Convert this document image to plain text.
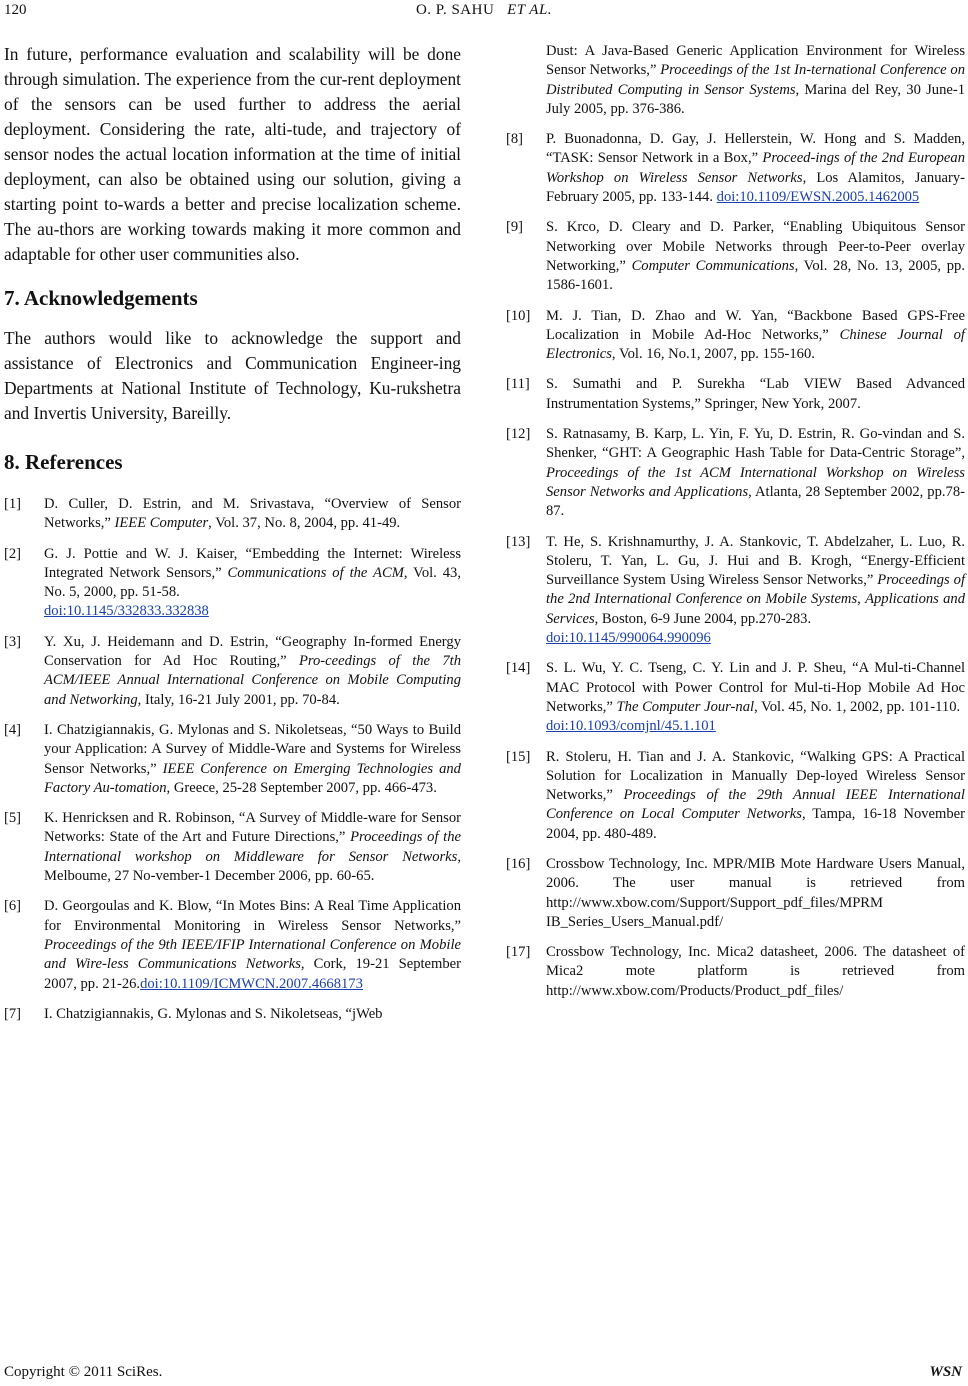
120	O. P. SAHU ET AL.

In future, performance evaluation and scalability will be done through simulation. The experience from the cur-rent deployment of the sensors can be used further to address the aerial deployment. Considering the rate, alti-tude, and trajectory of sensor nodes the actual location information at the time of initial deployment, can also be obtained using our solution, giving a starting point to-wards a better and precise localization scheme. The au-thors are working towards making it more common and adaptable for other user communities also.

7. Acknowledgements

The authors would like to acknowledge the support and assistance of Electronics and Communication Engineer-ing Departments at National Institute of Technology, Ku-rukshetra and Invertis University, Bareilly.

8. References
[1]	D. Culler, D. Estrin, and M. Srivastava, “Overview of Sensor Networks,” IEEE Computer, Vol. 37, No. 8, 2004, pp. 41-49.
[2]	G. J. Pottie and W. J. Kaiser, “Embedding the Internet: Wireless Integrated Network Sensors,” Communications of the ACM, Vol. 43, No. 5, 2000, pp. 51-58.
doi:10.1145/332833.332838
[3]	Y. Xu, J. Heidemann and D. Estrin, “Geography In-formed Energy Conservation for Ad Hoc Routing,” Pro-ceedings of the 7th ACM/IEEE Annual International Conference on Mobile Computing and Networking, Italy, 16-21 July 2001, pp. 70-84.
[4]	I. Chatzigiannakis, G. Mylonas and S. Nikoletseas, “50 Ways to Build your Application: A Survey of Middle-Ware and Systems for Wireless Sensor Networks,” IEEE Conference on Emerging Technologies and Factory Au-tomation, Greece, 25-28 September 2007, pp. 466-473.
[5]	K. Henricksen and R. Robinson, “A Survey of Middle-ware for Sensor Networks: State of the Art and Future Directions,” Proceedings of the International workshop on Middleware for Sensor Networks, Melboume, 27 No-vember-1 December 2006, pp. 60-65.
[6]	D. Georgoulas and K. Blow, “In Motes Bins: A Real Time Application for Environmental Monitoring in Wireless Sensor Networks,” Proceedings of the 9th IEEE/IFIP International Conference on Mobile and Wire-less Communications Networks, Cork, 19-21 September 2007, pp. 21-26.doi:10.1109/ICMWCN.2007.4668173
[7]	I. Chatzigiannakis, G. Mylonas and S. Nikoletseas, “jWeb
Dust: A Java-Based Generic Application Environment for Wireless Sensor Networks,” Proceedings of the 1st In-ternational Conference on Distributed Computing in Sensor Systems, Marina del Rey, 30 June-1 July 2005, pp. 376-386.
[8]	P. Buonadonna, D. Gay, J. Hellerstein, W. Hong and S. Madden, “TASK: Sensor Network in a Box,” Proceed-ings of the 2nd European Workshop on Wireless Sensor Networks, Los Alamitos, January-February 2005, pp. 133-144. doi:10.1109/EWSN.2005.1462005
[9]	S. Krco, D. Cleary and D. Parker, “Enabling Ubiquitous Sensor Networking over Mobile Networks through Peer-to-Peer overlay Networking,” Computer Communications, Vol. 28, No. 13, 2005, pp. 1586-1601.
[10]	M. J. Tian, D. Zhao and W. Yan, “Backbone Based GPS-Free Localization in Mobile Ad-Hoc Networks,” Chinese Journal of Electronics, Vol. 16, No.1, 2007, pp. 155-160.
[11]	S. Sumathi and P. Surekha “Lab VIEW Based Advanced Instrumentation Systems,” Springer, New York, 2007.
[12]	S. Ratnasamy, B. Karp, L. Yin, F. Yu, D. Estrin, R. Go-vindan and S. Shenker, “GHT: A Geographic Hash Table for Data-Centric Storage”, Proceedings of the 1st ACM International Workshop on Wireless Sensor Networks and Applications, Atlanta, 28 September 2002, pp.78-87.
[13]	T. He, S. Krishnamurthy, J. A. Stankovic, T. Abdelzaher, L. Luo, R. Stoleru, T. Yan, L. Gu, J. Hui and B. Krogh, “Energy-Efficient Surveillance System Using Wireless Sensor Networks,” Proceedings of the 2nd International Conference on Mobile Systems, Applications and Services, Boston, 6-9 June 2004, pp.270-283.
doi:10.1145/990064.990096
[14]	S. L. Wu, Y. C. Tseng, C. Y. Lin and J. P. Sheu, “A Mul-ti-Channel MAC Protocol with Power Control for Mul-ti-Hop Mobile Ad Hoc Networks,” The Computer Jour-nal, Vol. 45, No. 1, 2002, pp. 101-110.
doi:10.1093/comjnl/45.1.101
[15]	R. Stoleru, H. Tian and J. A. Stankovic, “Walking GPS: A Practical Solution for Localization in Manually Dep-loyed Wireless Sensor Networks,” Proceedings of the 29th Annual IEEE International Conference on Local Computer Networks, Tampa, 16-18 November 2004, pp. 480-489.
[16]	Crossbow Technology, Inc. MPR/MIB Mote Hardware Users Manual, 2006. The user manual is retrieved from http://www.xbow.com/Support/Support_pdf_files/MPRM IB_Series_Users_Manual.pdf/
[17]	Crossbow Technology, Inc. Mica2 datasheet, 2006. The datasheet of Mica2 mote platform is retrieved from http://www.xbow.com/Products/Product_pdf_files/
Copyright © 2011 SciRes.	WSN
